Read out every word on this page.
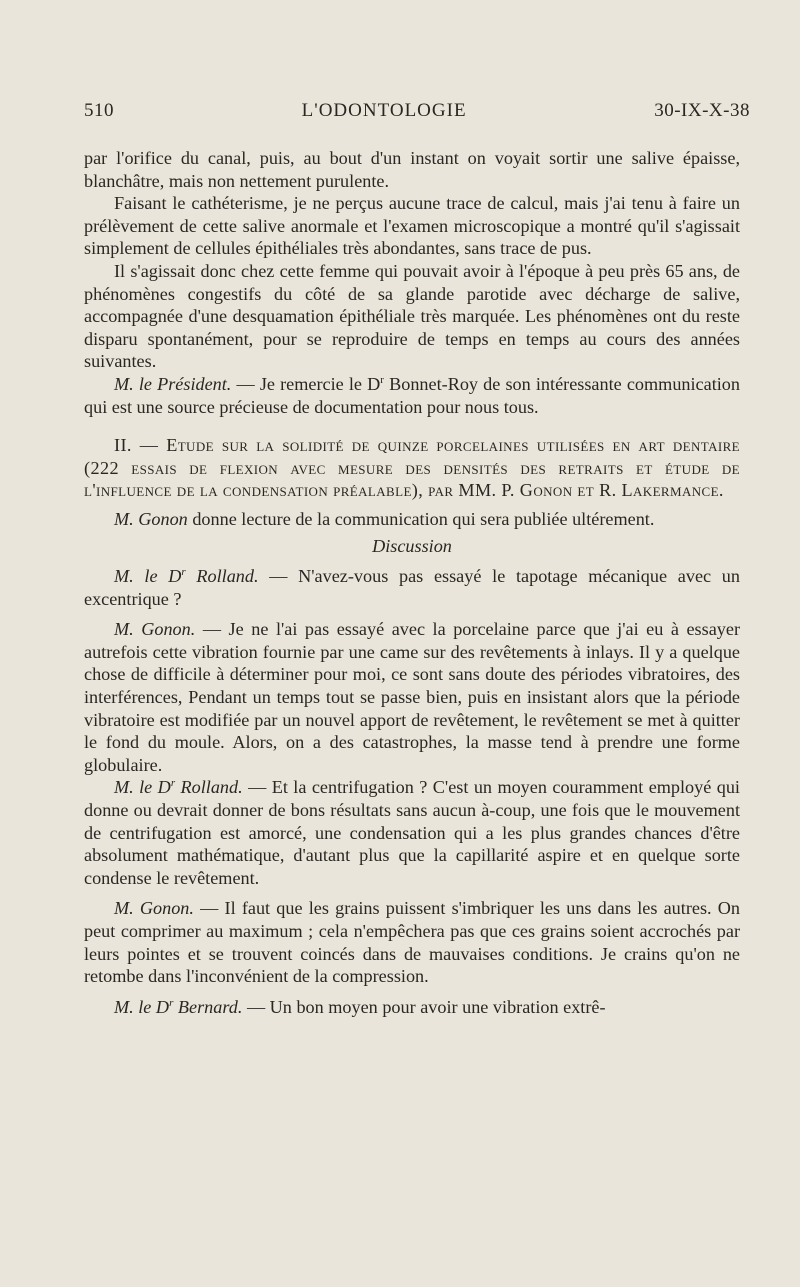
510	L'ODONTOLOGIE	30-IX-X-38

par l'orifice du canal, puis, au bout d'un instant on voyait sortir une salive épaisse, blanchâtre, mais non nettement purulente.

Faisant le cathéterisme, je ne perçus aucune trace de calcul, mais j'ai tenu à faire un prélèvement de cette salive anormale et l'examen microscopique a montré qu'il s'agissait simplement de cellules épithéliales très abondantes, sans trace de pus.

Il s'agissait donc chez cette femme qui pouvait avoir à l'époque à peu près 65 ans, de phénomènes congestifs du côté de sa glande parotide avec décharge de salive, accompagnée d'une desquamation épithéliale très marquée. Les phénomènes ont du reste disparu spontanément, pour se reproduire de temps en temps au cours des années suivantes.

M. le Président. — Je remercie le $D^r$ Bonnet-Roy de son intéressante communication qui est une source précieuse de documentation pour nous tous.

II. — Etude sur la solidité de quinze porcelaines utilisées en art dentaire (222 essais de flexion avec mesure des densités des retraits et étude de l'influence de la condensation préalable), par MM. P. Gonon et R. Lakermance.

M. Gonon donne lecture de la communication qui sera publiée ultérement.

Discussion

M. le $D^r$ Rolland. — N'avez-vous pas essayé le tapotage mécanique avec un excentrique ?

M. Gonon. — Je ne l'ai pas essayé avec la porcelaine parce que j'ai eu à essayer autrefois cette vibration fournie par une came sur des revêtements à inlays. Il y a quelque chose de difficile à déterminer pour moi, ce sont sans doute des périodes vibratoires, des interférences, Pendant un temps tout se passe bien, puis en insistant alors que la période vibratoire est modifiée par un nouvel apport de revêtement, le revêtement se met à quitter le fond du moule. Alors, on a des catastrophes, la masse tend à prendre une forme globulaire.

M. le $D^r$ Rolland. — Et la centrifugation ? C'est un moyen couramment employé qui donne ou devrait donner de bons résultats sans aucun à-coup, une fois que le mouvement de centrifugation est amorcé, une condensation qui a les plus grandes chances d'être absolument mathématique, d'autant plus que la capillarité aspire et en quelque sorte condense le revêtement.

M. Gonon. — Il faut que les grains puissent s'imbriquer les uns dans les autres. On peut comprimer au maximum ; cela n'empêchera pas que ces grains soient accrochés par leurs pointes et se trouvent coincés dans de mauvaises conditions. Je crains qu'on ne retombe dans l'inconvénient de la compression.

M. le $D^r$ Bernard. — Un bon moyen pour avoir une vibration extrê-
